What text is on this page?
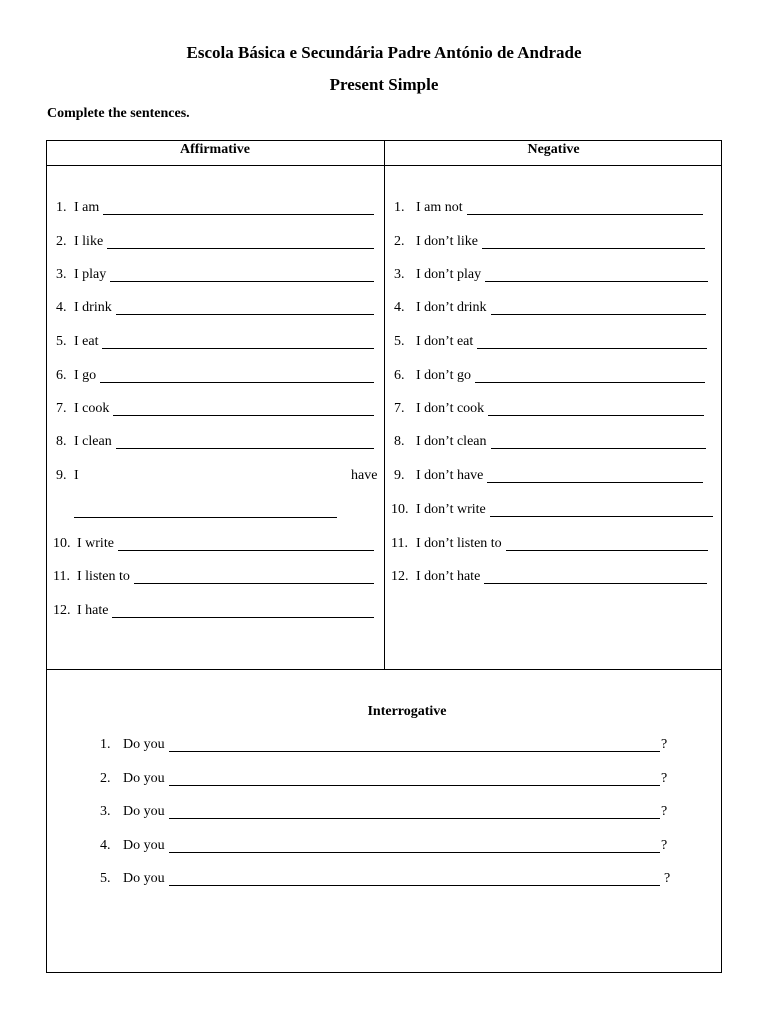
Escola Básica e Secundária Padre António de Andrade
Present Simple
Complete the sentences.
Affirmative	Negative
1. I am
2. I like
3. I play
4. I drink
5. I eat
6. I go
7. I cook
8. I clean
9. I	have
10. I write
11. I listen to
12. I hate
1. I am not
2. I don’t like
3. I don’t play
4. I don’t drink
5. I don’t eat
6. I don’t go
7. I don’t cook
8. I don’t clean
9. I don’t have
10. I don’t write
11. I don’t listen to
12. I don’t hate
Interrogative
1. Do you	?
2. Do you	?
3. Do you	?
4. Do you	?
5. Do you	?
